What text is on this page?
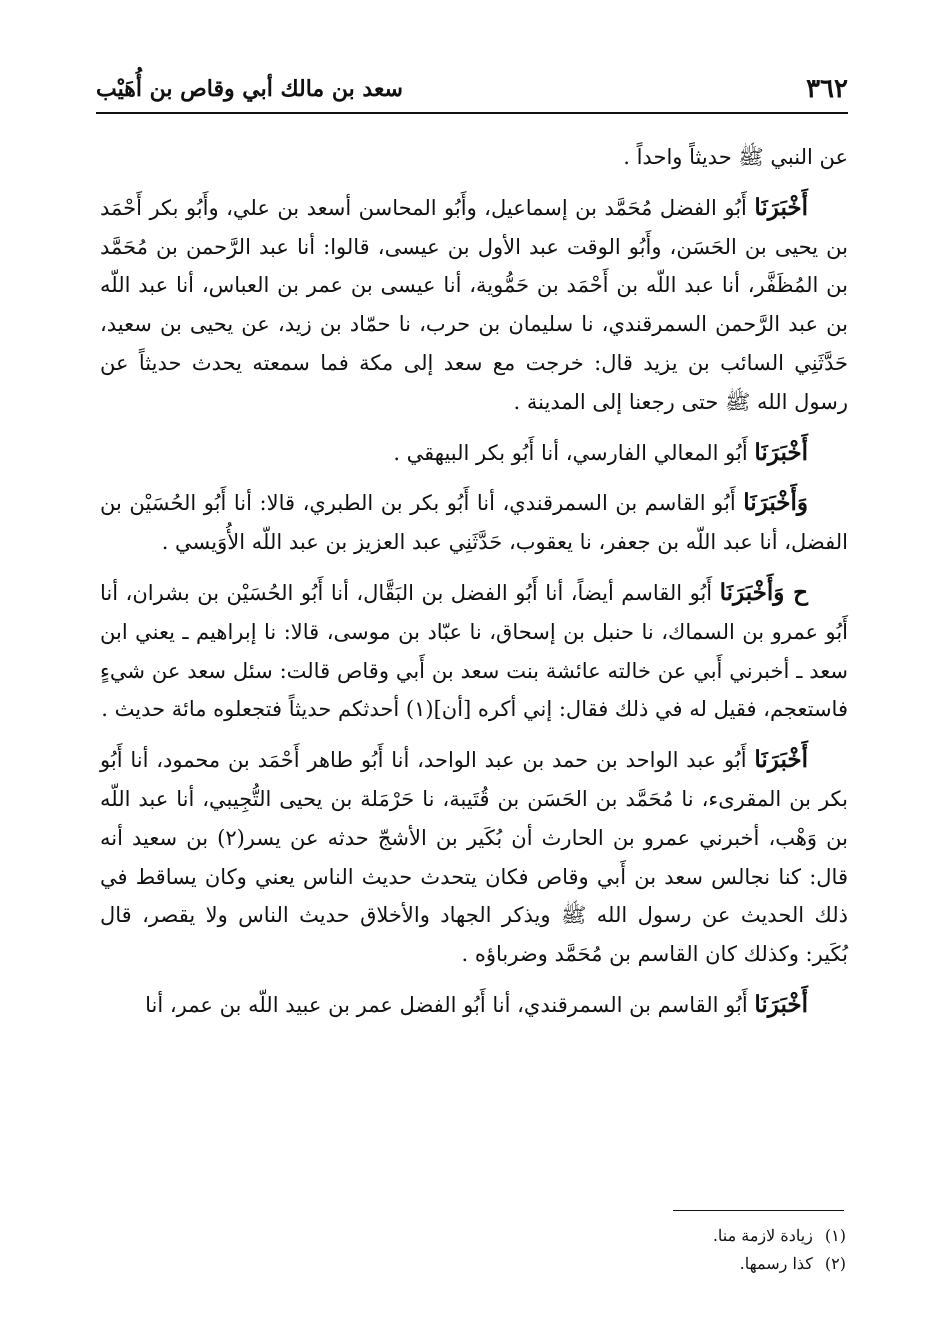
٣٦٢
سعد بن مالك أبي وقاص بن أُهَيْب

عن النبي ﷺ حديثاً واحداً .

أَخْبَرَنَا أَبُو الفضل مُحَمَّد بن إسماعيل، وأَبُو المحاسن أسعد بن علي، وأَبُو بكر أَحْمَد بن يحيى بن الحَسَن، وأَبُو الوقت عبد الأول بن عيسى، قالوا: أنا عبد الرَّحمن بن مُحَمَّد بن المُظَفَّر، أنا عبد اللّه بن أَحْمَد بن حَمُّوية، أنا عيسى بن عمر بن العباس، أنا عبد اللّه بن عبد الرَّحمن السمرقندي، نا سليمان بن حرب، نا حمّاد بن زيد، عن يحيى بن سعيد، حَدَّثَنِي السائب بن يزيد قال: خرجت مع سعد إلى مكة فما سمعته يحدث حديثاً عن رسول الله ﷺ حتى رجعنا إلى المدينة .

أَخْبَرَنَا أَبُو المعالي الفارسي، أنا أَبُو بكر البيهقي .

وَأَخْبَرَنَا أَبُو القاسم بن السمرقندي، أنا أَبُو بكر بن الطبري، قالا: أنا أَبُو الحُسَيْن بن الفضل، أنا عبد اللّه بن جعفر، نا يعقوب، حَدَّثَنِي عبد العزيز بن عبد اللّه الأُوَيسي .

ح وَأَخْبَرَنَا أَبُو القاسم أيضاً، أنا أَبُو الفضل بن البَقَّال، أنا أَبُو الحُسَيْن بن بشران، أنا أَبُو عمرو بن السماك، نا حنبل بن إسحاق، نا عبّاد بن موسى، قالا: نا إبراهيم ـ يعني ابن سعد ـ أخبرني أَبي عن خالته عائشة بنت سعد بن أَبي وقاص قالت: سئل سعد عن شيءٍ فاستعجم، فقيل له في ذلك فقال: إني أكره [أن](١) أحدثكم حديثاً فتجعلوه مائة حديث .

أَخْبَرَنَا أَبُو عبد الواحد بن حمد بن عبد الواحد، أنا أَبُو طاهر أَحْمَد بن محمود، أنا أَبُو بكر بن المقرىء، نا مُحَمَّد بن الحَسَن بن قُتَيبة، نا حَرْمَلة بن يحيى التُّجِيبي، أنا عبد اللّه بن وَهْب، أخبرني عمرو بن الحارث أن بُكَير بن الأشجّ حدثه عن يسر(٢) بن سعيد أنه قال: كنا نجالس سعد بن أَبي وقاص فكان يتحدث حديث الناس يعني وكان يساقط في ذلك الحديث عن رسول الله ﷺ ويذكر الجهاد والأخلاق حديث الناس ولا يقصر، قال بُكَير: وكذلك كان القاسم بن مُحَمَّد وضرباؤه .

أَخْبَرَنَا أَبُو القاسم بن السمرقندي، أنا أَبُو الفضل عمر بن عبيد اللّه بن عمر، أنا

(١)زيادة لازمة منا.

(٢)كذا رسمها.
